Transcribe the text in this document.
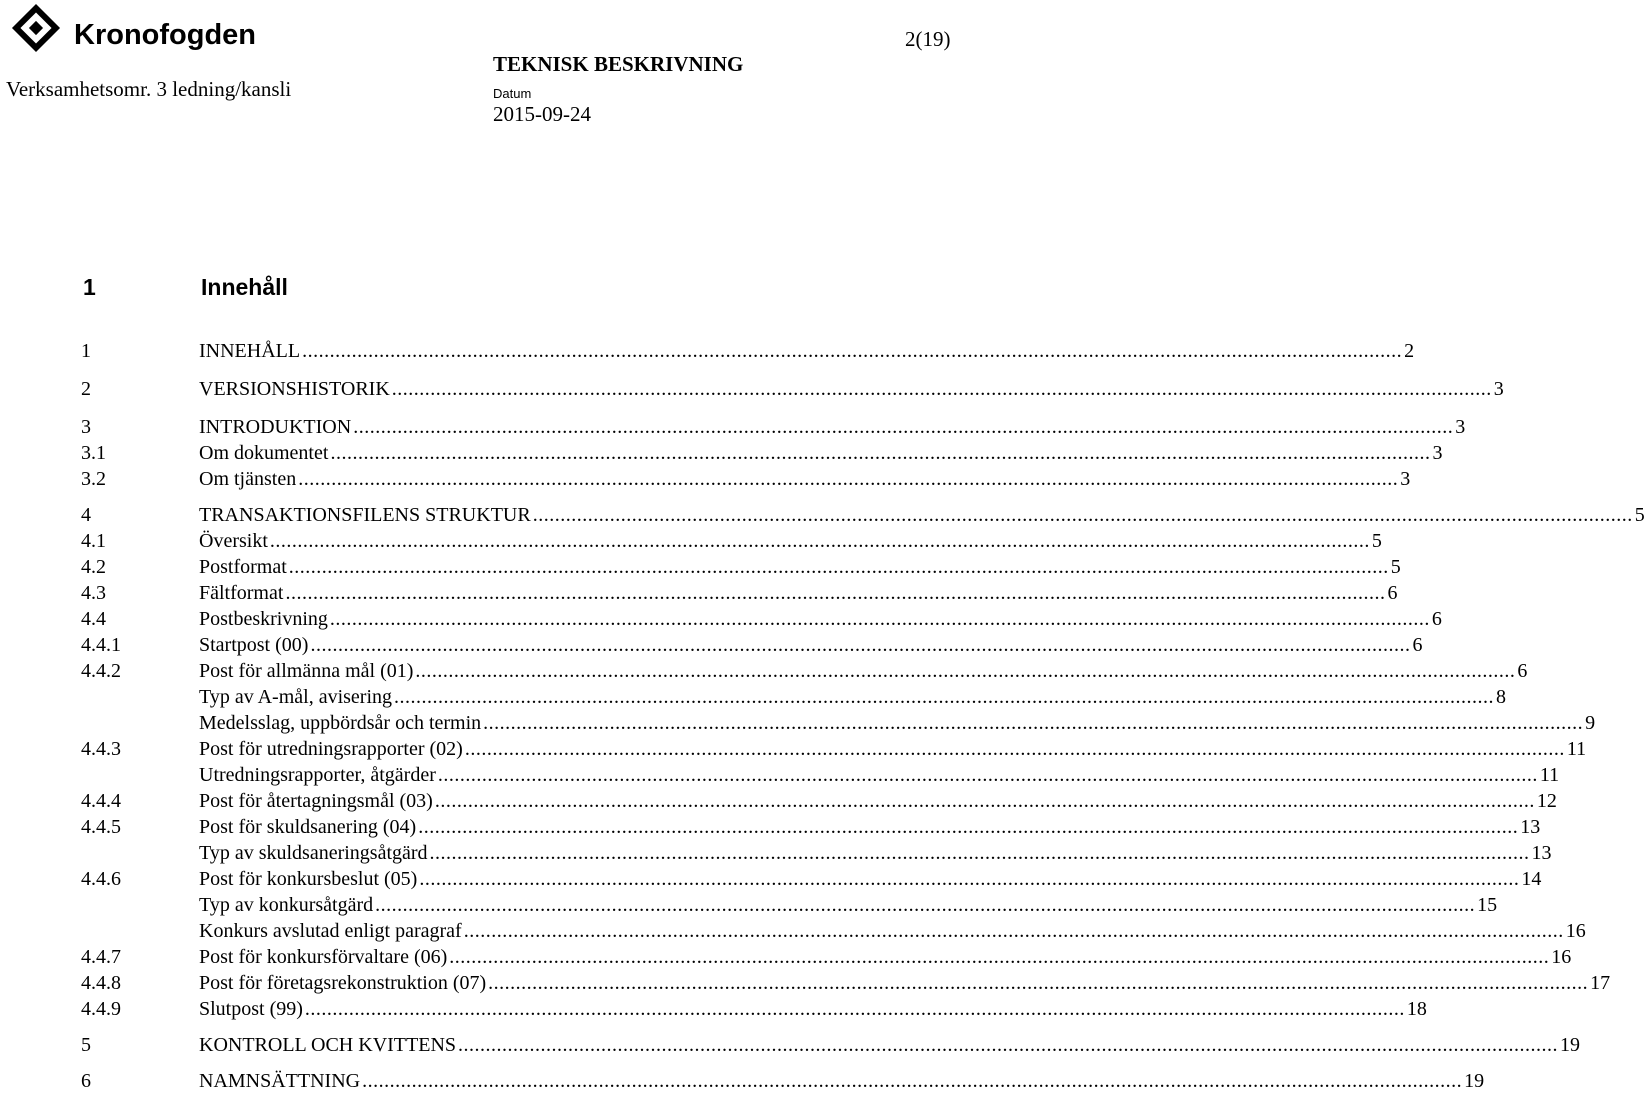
Kronofogden	2(19)
Verksamhetsomr. 3 ledning/kansli
TEKNISK BESKRIVNING
Datum
2015-09-24
1	Innehåll
1	INNEHÅLL ........................................................................................................................................................................................................ 2
2	VERSIONSHISTORIK ........................................................................................................................................................................................................ 3
3	INTRODUKTION ........................................................................................................................................................................................................ 3
3.1	Om dokumentet ........................................................................................................................................................................................................ 3
3.2	Om tjänsten ........................................................................................................................................................................................................ 3
4	TRANSAKTIONSFILENS STRUKTUR ........................................................................................................................................................................................................ 5
4.1	Översikt ........................................................................................................................................................................................................ 5
4.2	Postformat ........................................................................................................................................................................................................ 5
4.3	Fältformat ........................................................................................................................................................................................................ 6
4.4	Postbeskrivning ........................................................................................................................................................................................................ 6
4.4.1	Startpost (00) ........................................................................................................................................................................................................ 6
4.4.2	Post för allmänna mål (01) ........................................................................................................................................................................................................ 6
Typ av A-mål, avisering ........................................................................................................................................................................................................ 8
Medelsslag, uppbördsår och termin ........................................................................................................................................................................................................ 9
4.4.3	Post för utredningsrapporter (02) ........................................................................................................................................................................................................ 11
Utredningsrapporter, åtgärder ........................................................................................................................................................................................................ 11
4.4.4	Post för återtagningsmål (03) ........................................................................................................................................................................................................ 12
4.4.5	Post för skuldsanering (04) ........................................................................................................................................................................................................ 13
Typ av skuldsaneringsåtgärd ........................................................................................................................................................................................................ 13
4.4.6	Post för konkursbeslut (05) ........................................................................................................................................................................................................ 14
Typ av konkursåtgärd ........................................................................................................................................................................................................ 15
Konkurs avslutad enligt paragraf ........................................................................................................................................................................................................ 16
4.4.7	Post för konkursförvaltare (06) ........................................................................................................................................................................................................ 16
4.4.8	Post för företagsrekonstruktion (07) ........................................................................................................................................................................................................ 17
4.4.9	Slutpost (99) ........................................................................................................................................................................................................ 18
5	KONTROLL OCH KVITTENS ........................................................................................................................................................................................................ 19
6	NAMNSÄTTNING ........................................................................................................................................................................................................ 19
